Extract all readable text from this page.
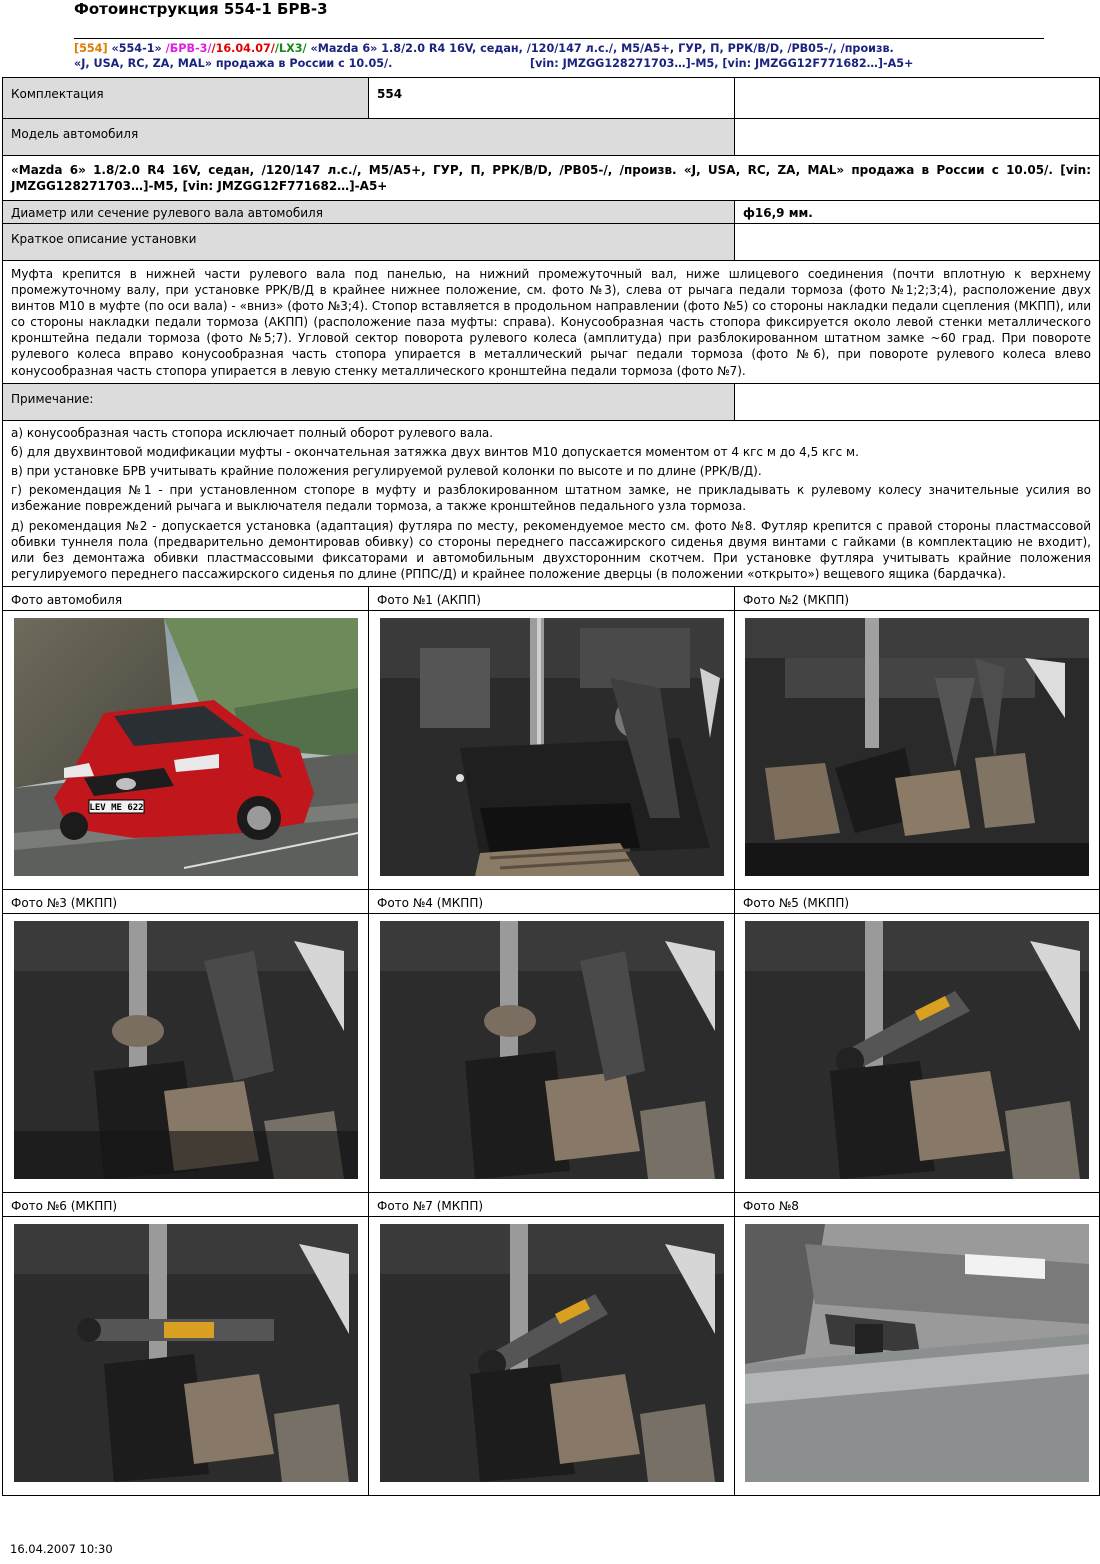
Фотоинструкция 554-1 БРВ-3
[554] «554-1» /БРВ-3//16.04.07//LX3/ «Mazda 6» 1.8/2.0 R4 16V, седан, /120/147 л.с./, M5/A5+, ГУР, П, РРК/В/D, /PB05-/, /произв.
«J, USA, RC, ZA, MAL» продажа в России с 10.05/.	[vin: JMZGG128271703…]-M5, [vin: JMZGG12F771682…]-A5+
Комплектация	554	
Модель автомобиля		
«Mazda 6» 1.8/2.0 R4 16V, седан, /120/147 л.с./, M5/A5+, ГУР, П, РРК/В/D, /PB05-/, /произв. «J, USA, RC, ZA, MAL» продажа в России с 10.05/. [vin: JMZGG128271703…]-M5, [vin: JMZGG12F771682…]-A5+		
Диаметр или сечение рулевого вала автомобиля		ф16,9 мм.
Краткое описание установки		
Муфта крепится в нижней части рулевого вала под панелью, на нижний промежуточный вал, ниже шлицевого соединения (почти вплотную к верхнему промежуточному валу, при установке РРК/В/Д в крайнее нижнее положение, см. фото №3), слева от рычага педали тормоза (фото №1;2;3;4), расположение двух винтов М10 в муфте (по оси вала) - «вниз» (фото №3;4). Стопор вставляется в продольном направлении (фото №5) со стороны накладки педали сцепления (МКПП), или со стороны накладки педали тормоза (АКПП) (расположение паза муфты: справа). Конусообразная часть стопора фиксируется около левой стенки металлического кронштейна педали тормоза (фото №5;7). Угловой сектор поворота рулевого колеса (амплитуда) при разблокированном штатном замке ~60 град. При повороте рулевого колеса вправо конусообразная часть стопора упирается в металлический рычаг педали тормоза (фото №6), при повороте рулевого колеса влево конусообразная часть стопора упирается в левую стенку металлического кронштейна педали тормоза (фото №7).		
Примечание:		

а) конусообразная часть стопора исключает полный оборот рулевого вала.

б) для двухвинтовой модификации муфты - окончательная затяжка двух винтов М10 допускается моментом от 4 кгс м до 4,5 кгс м.

в) при установке БРВ учитывать крайние положения регулируемой рулевой колонки по высоте и по длине (РРК/В/Д).

г) рекомендация №1 - при установленном стопоре в муфту и разблокированном штатном замке, не прикладывать к рулевому колесу значительные усилия во избежание повреждений рычага и выключателя педали тормоза, а также кронштейнов педального узла тормоза.

д) рекомендация №2 - допускается установка (адаптация) футляра по месту, рекомендуемое место см. фото №8. Футляр крепится с правой стороны пластмассовой обивки туннеля пола (предварительно демонтировав обивку) со стороны переднего пассажирского сиденья двумя винтами с гайками (в комплектацию не входит), или без демонтажа обивки пластмассовыми фиксаторами и автомобильным двухсторонним скотчем. При установке футляра учитывать крайние положения регулируемого переднего пассажирского сиденья по длине (РППС/Д) и крайнее положение дверцы (в положении «открыто») вещевого ящика (бардачка).		

Фото автомобиля	Фото №1 (АКПП)	Фото №2 (МКПП)

LEV ME 622

Фото №3 (МКПП)	Фото №4 (МКПП)	Фото №5 (МКПП)

Фото №6 (МКПП)	Фото №7 (МКПП)	Фото №8

16.04.2007 10:30
